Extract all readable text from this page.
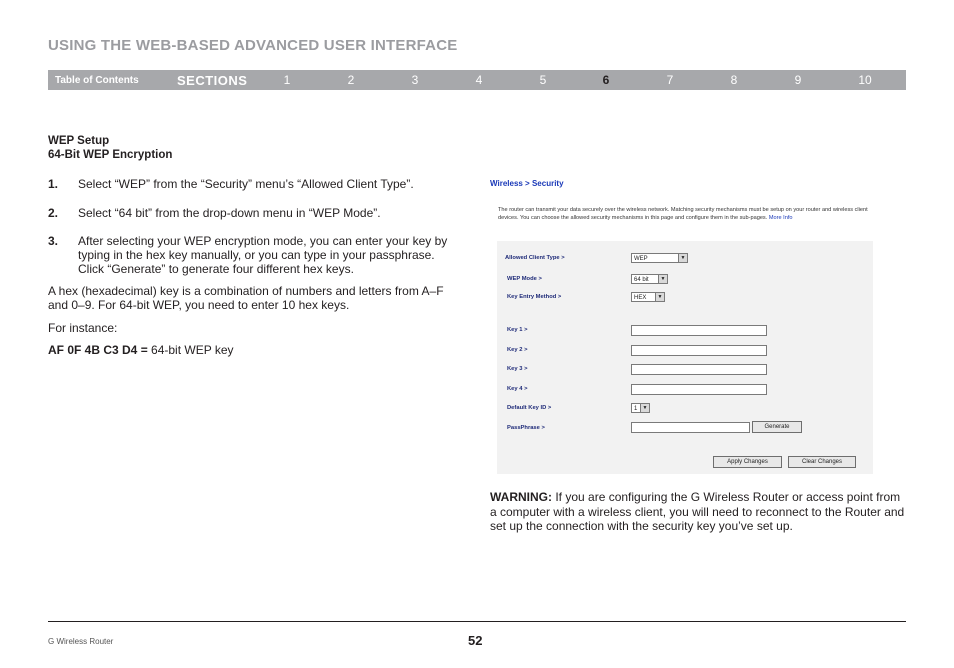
USING THE WEB-BASED ADVANCED USER INTERFACE
Table of Contents	SECTIONS	1	2	3	4	5	6	7	8	9	10
WEP Setup
64-Bit WEP Encryption
1. Select “WEP” from the “Security” menu’s “Allowed Client Type”.
2. Select “64 bit” from the drop-down menu in “WEP Mode”.
3. After selecting your WEP encryption mode, you can enter your key by typing in the hex key manually, or you can type in your passphrase. Click “Generate” to generate four different hex keys.
A hex (hexadecimal) key is a combination of numbers and letters from A–F and 0–9. For 64-bit WEP, you need to enter 10 hex keys.
For instance:
AF 0F 4B C3 D4 = 64-bit WEP key
Wireless > Security
The router can transmit your data securely over the wireless network. Matching security mechanisms must be setup on your router and wireless client devices. You can choose the allowed security mechanisms in this page and configure them in the sub-pages. More Info
Allowed Client Type >	WEP	▼
WEP Mode >	64 bit	▼
Key Entry Method >	HEX	▼
Key 1 >
Key 2 >
Key 3 >
Key 4 >
Default Key ID >	1	▼
PassPhrase >	Generate
Apply Changes	Clear Changes
WARNING: If you are configuring the G Wireless Router or access point from a computer with a wireless client, you will need to reconnect to the Router and set up the connection with the security key you’ve set up.
G Wireless Router	52
